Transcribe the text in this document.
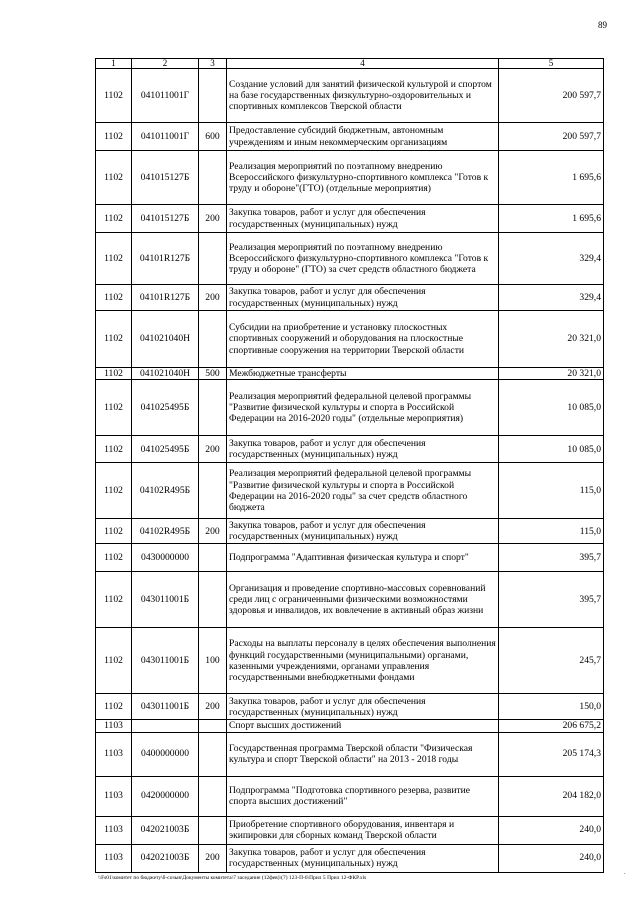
89
1	2	3	4	5
1102	041011001Г		Создание условий для занятий физической культурой и спортом на базе государственных физкультурно-оздоровительных и спортивных комплексов Тверской области	200 597,7
1102	041011001Г	600	Предоставление субсидий бюджетным, автономным учреждениям и иным некоммерческим организациям	200 597,7
1102	041015127Б		Реализация мероприятий по поэтапному внедрению Всероссийского физкультурно-спортивного комплекса "Готов к труду и обороне"(ГТО) (отдельные мероприятия)	1 695,6
1102	041015127Б	200	Закупка товаров, работ и услуг для обеспечения государственных (муниципальных) нужд	1 695,6
1102	04101R127Б		Реализация мероприятий по поэтапному внедрению Всероссийского физкультурно-спортивного комплекса "Готов к труду и обороне" (ГТО) за счет средств областного бюджета	329,4
1102	04101R127Б	200	Закупка товаров, работ и услуг для обеспечения государственных (муниципальных) нужд	329,4
1102	041021040Н		Субсидии на приобретение и установку плоскостных спортивных сооружений и оборудования на плоскостные спортивные сооружения на территории Тверской области	20 321,0
1102	041021040Н	500	Межбюджетные трансферты	20 321,0
1102	041025495Б		Реализация мероприятий федеральной целевой программы "Развитие физической культуры и спорта в Российской Федерации на 2016-2020 годы" (отдельные мероприятия)	10 085,0
1102	041025495Б	200	Закупка товаров, работ и услуг для обеспечения государственных (муниципальных) нужд	10 085,0
1102	04102R495Б		Реализация мероприятий федеральной целевой программы "Развитие физической культуры и спорта в Российской Федерации на 2016-2020 годы" за счет средств областного бюджета	115,0
1102	04102R495Б	200	Закупка товаров, работ и услуг для обеспечения государственных (муниципальных) нужд	115,0
1102	0430000000		Подпрограмма "Адаптивная физическая культура и спорт"	395,7
1102	043011001Б		Организация и проведение спортивно-массовых соревнований среди лиц с ограниченными физическими возможностями здоровья и инвалидов, их вовлечение в активный образ жизни	395,7
1102	043011001Б	100	Расходы на выплаты персоналу в целях обеспечения выполнения функций государственными (муниципальными) органами, казенными учреждениями, органами управления государственными внебюджетными фондами	245,7
1102	043011001Б	200	Закупка товаров, работ и услуг для обеспечения государственных (муниципальных) нужд	150,0
1103			Спорт высших достижений	206 675,2
1103	0400000000		Государственная программа Тверской области "Физическая культура и спорт Тверской области" на 2013 - 2018 годы	205 174,3
1103	0420000000		Подпрограмма "Подготовка спортивного резерва, развитие спорта высших достижений"	204 182,0
1103	042021003Б		Приобретение спортивного оборудования, инвентаря и экипировки для сборных команд Тверской области	240,0
1103	042021003Б	200	Закупка товаров, работ и услуг для обеспечения государственных (муниципальных) нужд	240,0
\\Fs01\комитет по бюджету\б-созыв\Документы комитета\7 заседание (12фeв)\(7) 123-П-6\Прил 5 Прил 12-ФКР.xls	·
